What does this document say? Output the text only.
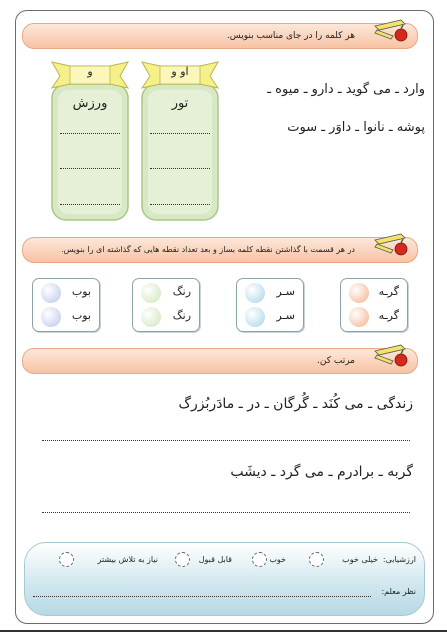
هر کلمه را در جای مناسب بنویس.
او و
و
تور
ورزش
وارد ـ می گوید ـ دارو ـ میوه ـ
پوشه ـ نانوا ـ داوَر ـ سوت
در هر قسمت با گذاشتن نقطه کلمه بساز و بعد تعداد نقطه هایی که گذاشته ای را بنویس.
گر‌ـه
گر‌ـه
سـر
سـر
رنگ
رنگ
بوب
بوب
مرتب کن.
زندگی ـ می کُنَد ـ گُرگان ـ در ـ مادَربُزرگ
گربه ـ برادرم ـ می گرد ـ دیشَب
ارزشیابی:
خیلی خوب
خوب
قابل قبول
نیاز به تلاش بیشتر
نظر معلم:
